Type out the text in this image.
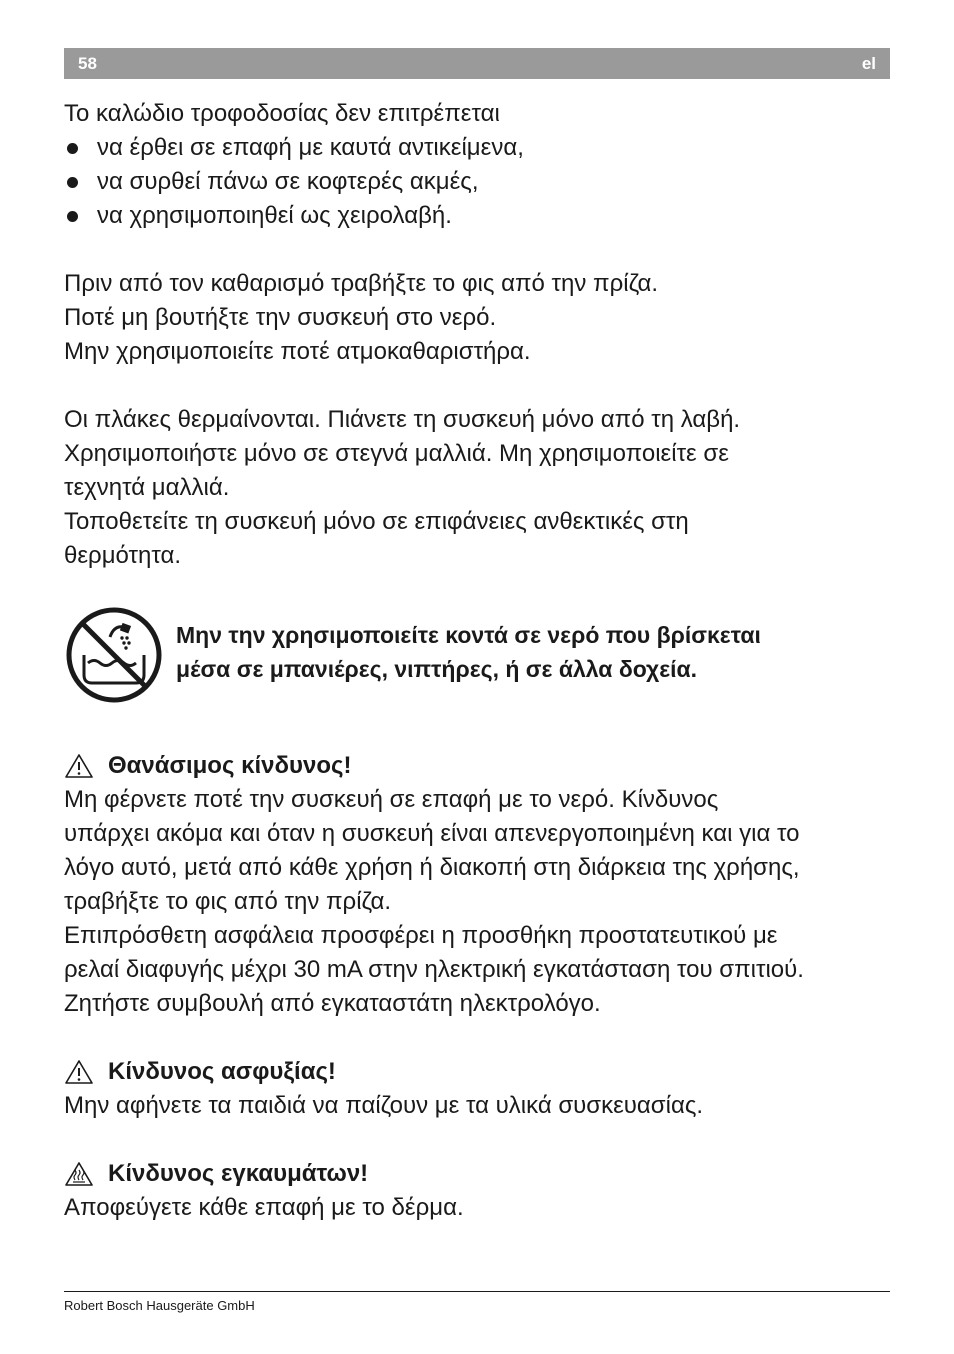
58	el

Το καλώδιο τροφοδοσίας δεν επιτρέπεται

να έρθει σε επαφή με καυτά αντικείμενα,
να συρθεί πάνω σε κοφτερές ακμές,
να χρησιμοποιηθεί ως χειρολαβή.

Πριν από τον καθαρισμό τραβήξτε το φις από την πρίζα.

Ποτέ μη βουτήξτε την συσκευή στο νερό.

Μην χρησιμοποιείτε ποτέ ατμοκαθαριστήρα.

Οι πλάκες θερμαίνονται. Πιάνετε τη συσκευή μόνο από τη λαβή.

Χρησιμοποιήστε μόνο σε στεγνά μαλλιά. Μη χρησιμοποιείτε σε

τεχνητά μαλλιά.

Τοποθετείτε τη συσκευή μόνο σε επιφάνειες ανθεκτικές στη

θερμότητα.

Μην την χρησιμοποιείτε κοντά σε νερό που βρίσκεται

μέσα σε μπανιέρες, νιπτήρες, ή σε άλλα δοχεία.

Θανάσιμος κίνδυνος!

Μη φέρνετε ποτέ την συσκευή σε επαφή με το νερό. Κίνδυνος

υπάρχει ακόμα και όταν η συσκευή είναι απενεργοποιημένη και για το

λόγο αυτό, μετά από κάθε χρήση ή διακοπή στη διάρκεια της χρήσης,

τραβήξτε το φις από την πρίζα.

Επιπρόσθετη ασφάλεια προσφέρει η προσθήκη προστατευτικού με

ρελαί διαφυγής μέχρι 30 mA στην ηλεκτρική εγκατάσταση του σπιτιού.

Ζητήστε συμβουλή από εγκαταστάτη ηλεκτρολόγο.

Κίνδυνος ασφυξίας!

Μην αφήνετε τα παιδιά να παίζουν με τα υλικά συσκευασίας.

Κίνδυνος εγκαυμάτων!

Αποφεύγετε κάθε επαφή με το δέρμα.

Robert Bosch Hausgeräte GmbH
